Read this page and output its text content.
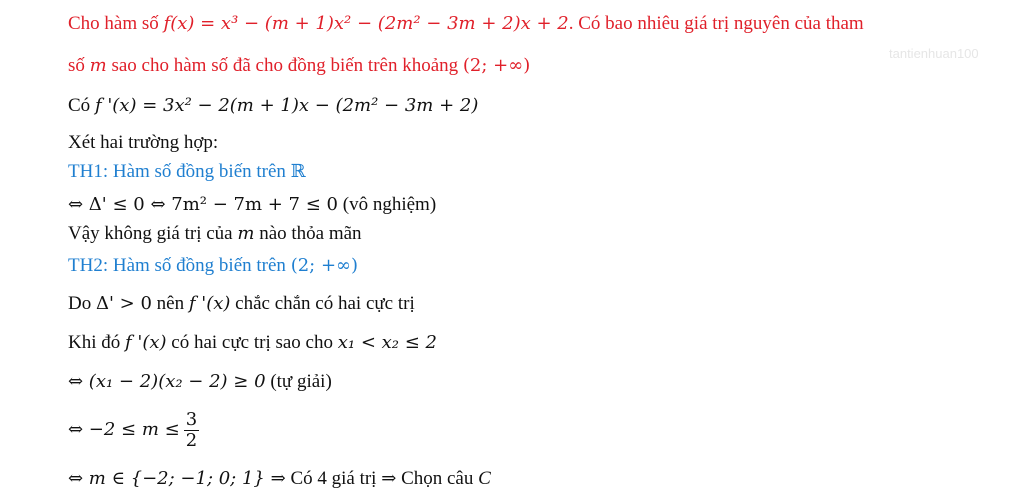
tantienhuan100
Cho hàm số f(x) = x³ − (m + 1)x² − (2m² − 3m + 2)x + 2. Có bao nhiêu giá trị nguyên của tham
số m sao cho hàm số đã cho đồng biến trên khoảng (2; +∞)
Có f '(x) = 3x² − 2(m + 1)x − (2m² − 3m + 2)
Xét hai trường hợp:
TH1: Hàm số đồng biến trên ℝ
⇔ Δ' ≤ 0 ⇔ 7m² − 7m + 7 ≤ 0 (vô nghiệm)
Vậy không giá trị của m nào thỏa mãn
TH2: Hàm số đồng biến trên (2; +∞)
Do Δ' > 0 nên f '(x) chắc chắn có hai cực trị
Khi đó f '(x) có hai cực trị sao cho x₁ < x₂ ≤ 2
⇔ (x₁ − 2)(x₂ − 2) ≥ 0 (tự giải)
⇔ $-2 \le m \le \frac{3}{2}$
⇔ m ∈ {−2; −1; 0; 1} ⇒ Có 4 giá trị ⇒ Chọn câu C
